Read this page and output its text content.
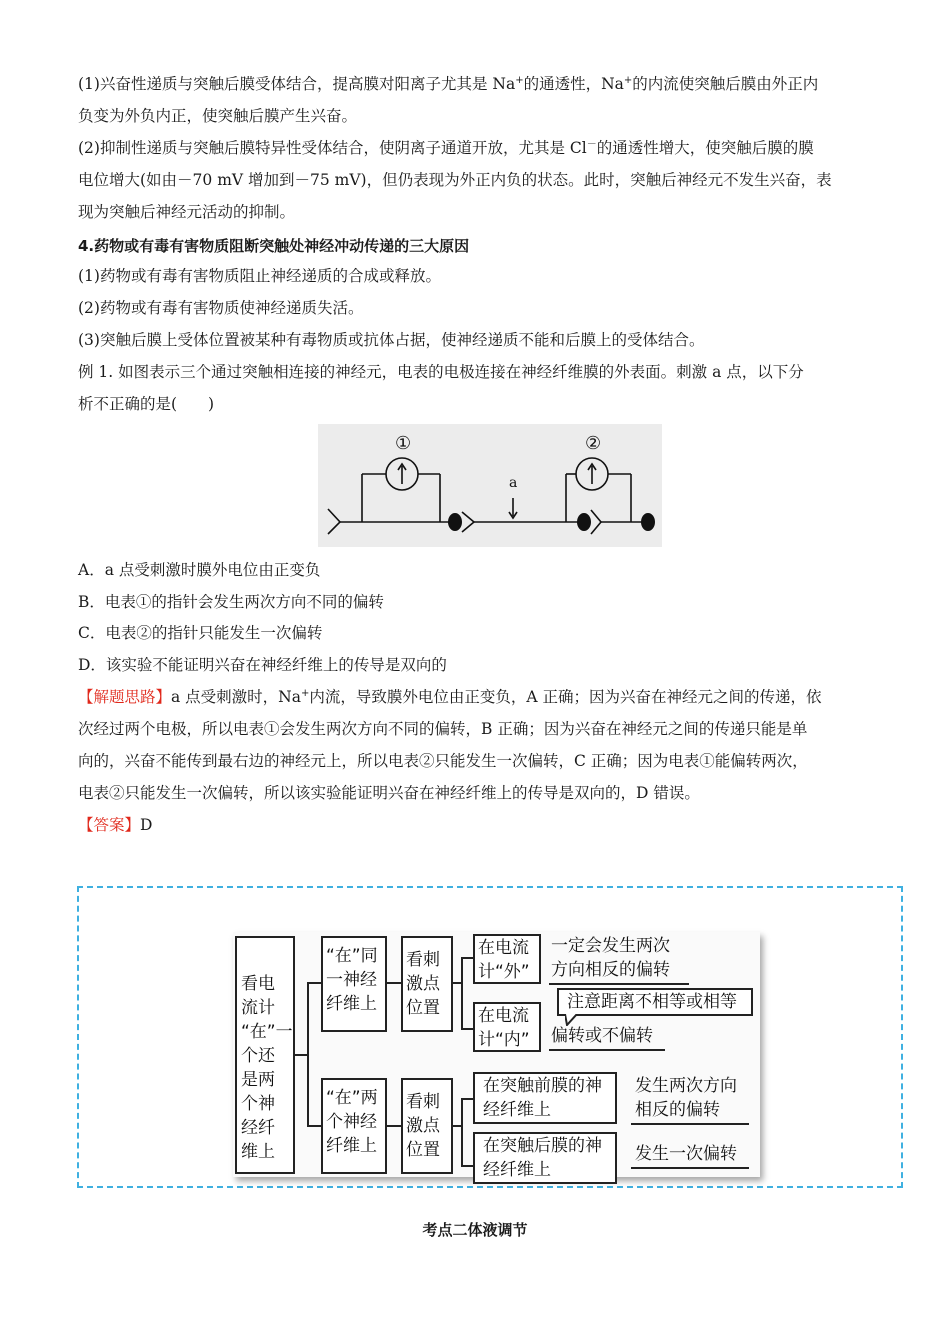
(1)兴奋性递质与突触后膜受体结合，提高膜对阳离子尤其是 Na+的通透性，Na+的内流使突触后膜由外正内
负变为外负内正，使突触后膜产生兴奋。
(2)抑制性递质与突触后膜特异性受体结合，使阴离子通道开放，尤其是 Cl－的通透性增大，使突触后膜的膜
电位增大(如由－70 mV 增加到－75 mV)，但仍表现为外正内负的状态。此时，突触后神经元不发生兴奋，表
现为突触后神经元活动的抑制。
4.药物或有毒有害物质阻断突触处神经冲动传递的三大原因
(1)药物或有毒有害物质阻止神经递质的合成或释放。
(2)药物或有毒有害物质使神经递质失活。
(3)突触后膜上受体位置被某种有毒物质或抗体占据，使神经递质不能和后膜上的受体结合。
例 1. 如图表示三个通过突触相连接的神经元，电表的电极连接在神经纤维膜的外表面。刺激 a 点，以下分
析不正确的是(　　)
①	②
a
A．a 点受刺激时膜外电位由正变负
B．电表①的指针会发生两次方向不同的偏转
C．电表②的指针只能发生一次偏转
D．该实验不能证明兴奋在神经纤维上的传导是双向的
【解题思路】a 点受刺激时，Na+内流，导致膜外电位由正变负，A 正确；因为兴奋在神经元之间的传递，依
次经过两个电极，所以电表①会发生两次方向不同的偏转，B 正确；因为兴奋在神经元之间的传递只能是单
向的，兴奋不能传到最右边的神经元上，所以电表②只能发生一次偏转，C 正确；因为电表①能偏转两次，
电表②只能发生一次偏转，所以该实验能证明兴奋在神经纤维上的传导是双向的，D 错误。
【答案】D
看电
流计
“在”一
个还
是两
个神
经纤
维上
“在”同
一神经
纤维上
看刺
激点
位置
在电流
计“外”
在电流
计“内”
一定会发生两次
方向相反的偏转
注意距离不相等或相等
偏转或不偏转
“在”两
个神经
纤维上
看刺
激点
位置
在突触前膜的神
经纤维上
在突触后膜的神
经纤维上
发生两次方向
相反的偏转
发生一次偏转
考点二体液调节
